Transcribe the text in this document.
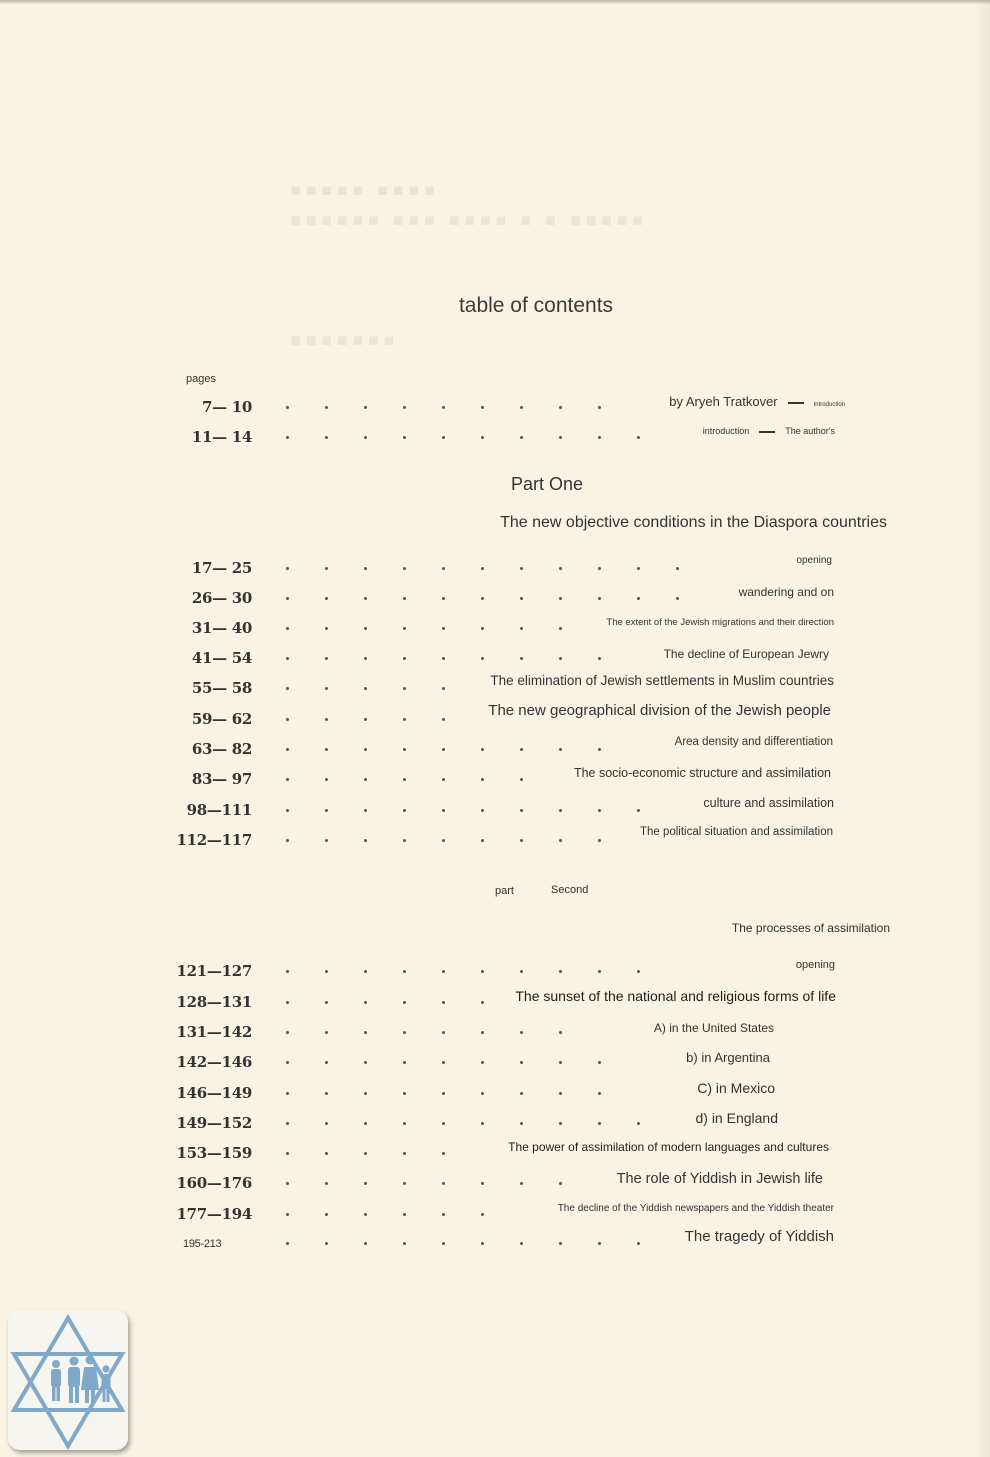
▪▪▪▪▪ ▪▪▪▪
▪▪▪▪▪▪ ▪▪▪ ▪▪▪▪ ▪ ▪ ▪▪▪▪▪
▪▪▪▪▪▪▪
table of contents
pages
7— 10	by Aryeh Tratkover	Introduction
11— 14	introduction	The author's
Part One
The new objective conditions in the Diaspora countries
17— 25	opening
26— 30	wandering and on
31— 40	The extent of the Jewish migrations and their direction
41— 54	The decline of European Jewry
55— 58	The elimination of Jewish settlements in Muslim countries
59— 62	The new geographical division of the Jewish people
63— 82	Area density and differentiation
83— 97	The socio-economic structure and assimilation
98—111	culture and assimilation
112—117	The political situation and assimilation
part	Second
The processes of assimilation
121—127	opening
128—131	The sunset of the national and religious forms of life
131—142	A) in the United States
142—146	b) in Argentina
146—149	C) in Mexico
149—152	d) in England
153—159	The power of assimilation of modern languages and cultures
160—176	The role of Yiddish in Jewish life
177—194	The decline of the Yiddish newspapers and the Yiddish theater
195-213	The tragedy of Yiddish
